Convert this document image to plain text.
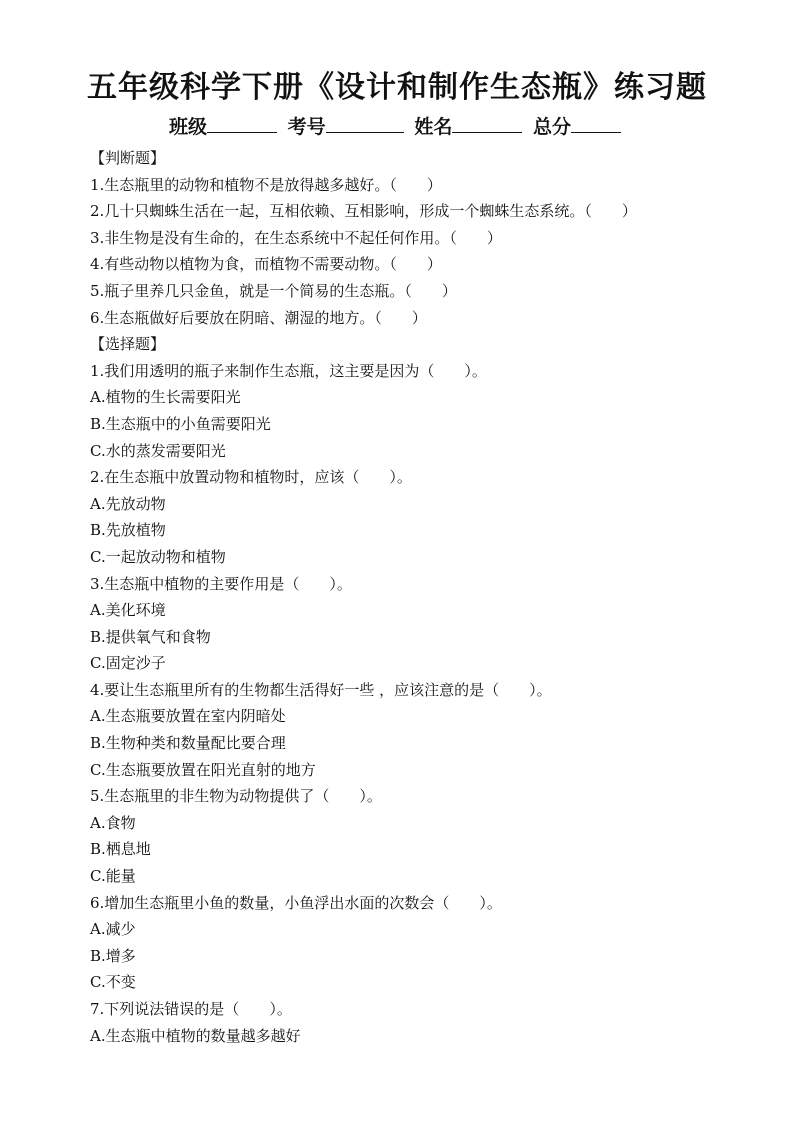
五年级科学下册《设计和制作生态瓶》练习题
班级	考号	姓名	总分
【判断题】
1.生态瓶里的动物和植物不是放得越多越好。（　　）
2.几十只蜘蛛生活在一起，互相依赖、互相影响，形成一个蜘蛛生态系统。（　　）
3.非生物是没有生命的，在生态系统中不起任何作用。（　　）
4.有些动物以植物为食，而植物不需要动物。（　　）
5.瓶子里养几只金鱼，就是一个简易的生态瓶。（　　）
6.生态瓶做好后要放在阴暗、潮湿的地方。（　　）
【选择题】
1.我们用透明的瓶子来制作生态瓶，这主要是因为（　　）。
A.植物的生长需要阳光
B.生态瓶中的小鱼需要阳光
C.水的蒸发需要阳光
2.在生态瓶中放置动物和植物时，应该（　　）。
A.先放动物
B.先放植物
C.一起放动物和植物
3.生态瓶中植物的主要作用是（　　）。
A.美化环境
B.提供氧气和食物
C.固定沙子
4.要让生态瓶里所有的生物都生活得好一些 ，应该注意的是（　　）。
A.生态瓶要放置在室内阴暗处
B.生物种类和数量配比要合理
C.生态瓶要放置在阳光直射的地方
5.生态瓶里的非生物为动物提供了（　　）。
A.食物
B.栖息地
C.能量
6.增加生态瓶里小鱼的数量，小鱼浮出水面的次数会（　　）。
A.减少
B.增多
C.不变
7.下列说法错误的是（　　）。
A.生态瓶中植物的数量越多越好
